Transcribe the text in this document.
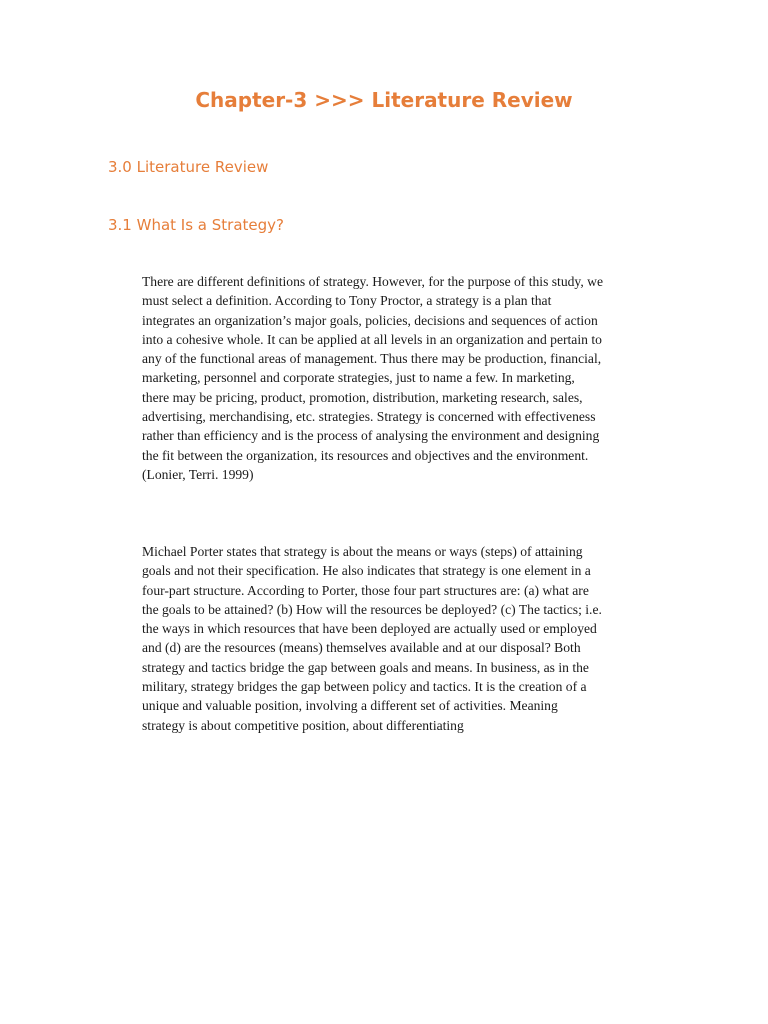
Chapter-3 >>> Literature Review
3.0 Literature Review
3.1 What Is a Strategy?

There are different definitions of strategy. However, for the purpose of this study, we must select a definition. According to Tony Proctor, a strategy is a plan that integrates an organization’s major goals, policies, decisions and sequences of action into a cohesive whole. It can be applied at all levels in an organization and pertain to any of the functional areas of management. Thus there may be production, financial, marketing, personnel and corporate strategies, just to name a few. In marketing, there may be pricing, product, promotion, distribution, marketing research, sales, advertising, merchandising, etc. strategies. Strategy is concerned with effectiveness rather than efficiency and is the process of analysing the environment and designing the fit between the organization, its resources and objectives and the environment. (Lonier, Terri. 1999)

Michael Porter states that strategy is about the means or ways (steps) of attaining goals and not their specification. He also indicates that strategy is one element in a four-part structure. According to Porter, those four part structures are: (a) what are the goals to be attained? (b) How will the resources be deployed? (c) The tactics; i.e. the ways in which resources that have been deployed are actually used or employed and (d) are the resources (means) themselves available and at our disposal? Both strategy and tactics bridge the gap between goals and means. In business, as in the military, strategy bridges the gap between policy and tactics. It is the creation of a unique and valuable position, involving a different set of activities. Meaning strategy is about competitive position, about differentiating
